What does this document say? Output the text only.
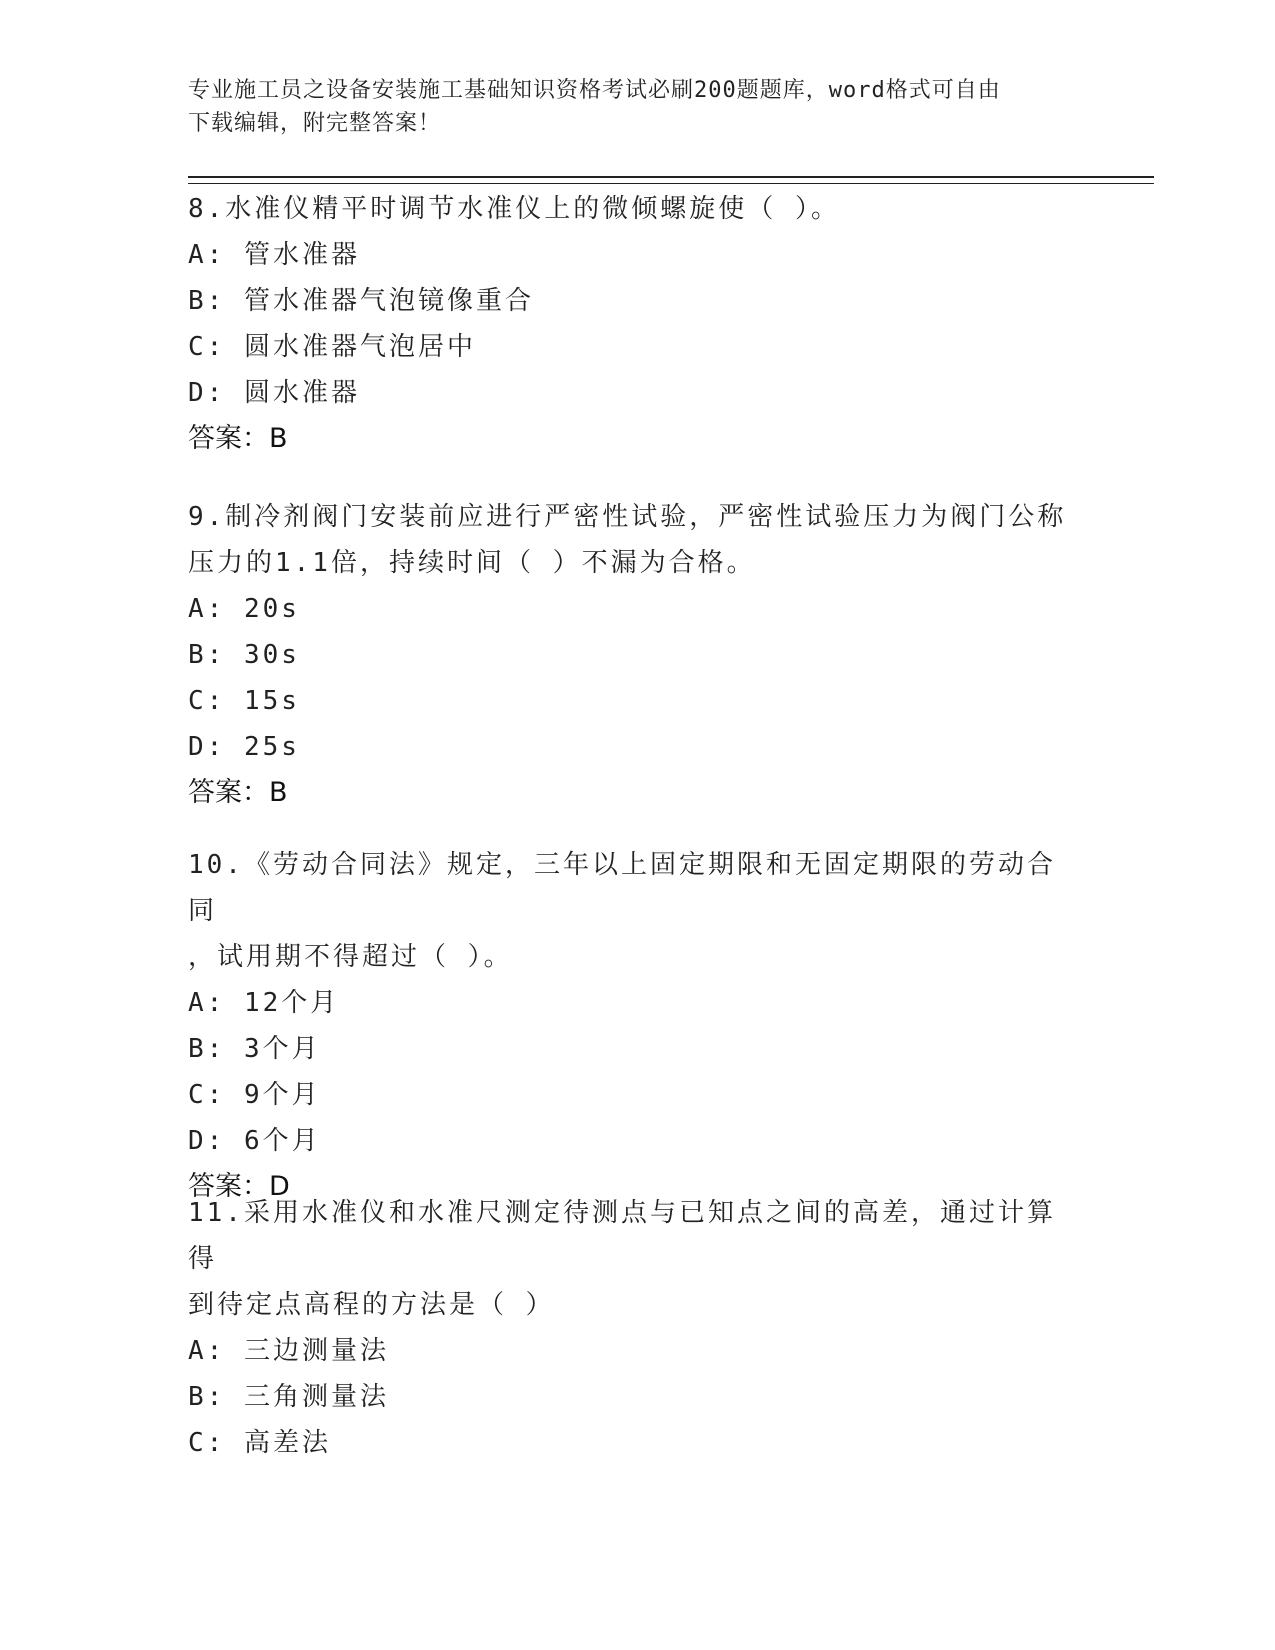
专业施工员之设备安装施工基础知识资格考试必刷200题题库，word格式可自由
下载编辑，附完整答案！

8.水准仪精平时调节水准仪上的微倾螺旋使（ ）。

A: 管水准器

B: 管水准器气泡镜像重合

C: 圆水准器气泡居中

D: 圆水准器

答案：B

9.制冷剂阀门安装前应进行严密性试验，严密性试验压力为阀门公称

压力的1.1倍，持续时间（ ）不漏为合格。

A: 20s

B: 30s

C: 15s

D: 25s

答案：B

10.《劳动合同法》规定，三年以上固定期限和无固定期限的劳动合同

，试用期不得超过（ ）。

A: 12个月

B: 3个月

C: 9个月

D: 6个月

答案：D

11.采用水准仪和水准尺测定待测点与已知点之间的高差，通过计算得

到待定点高程的方法是（ ）

A: 三边测量法

B: 三角测量法

C: 高差法
